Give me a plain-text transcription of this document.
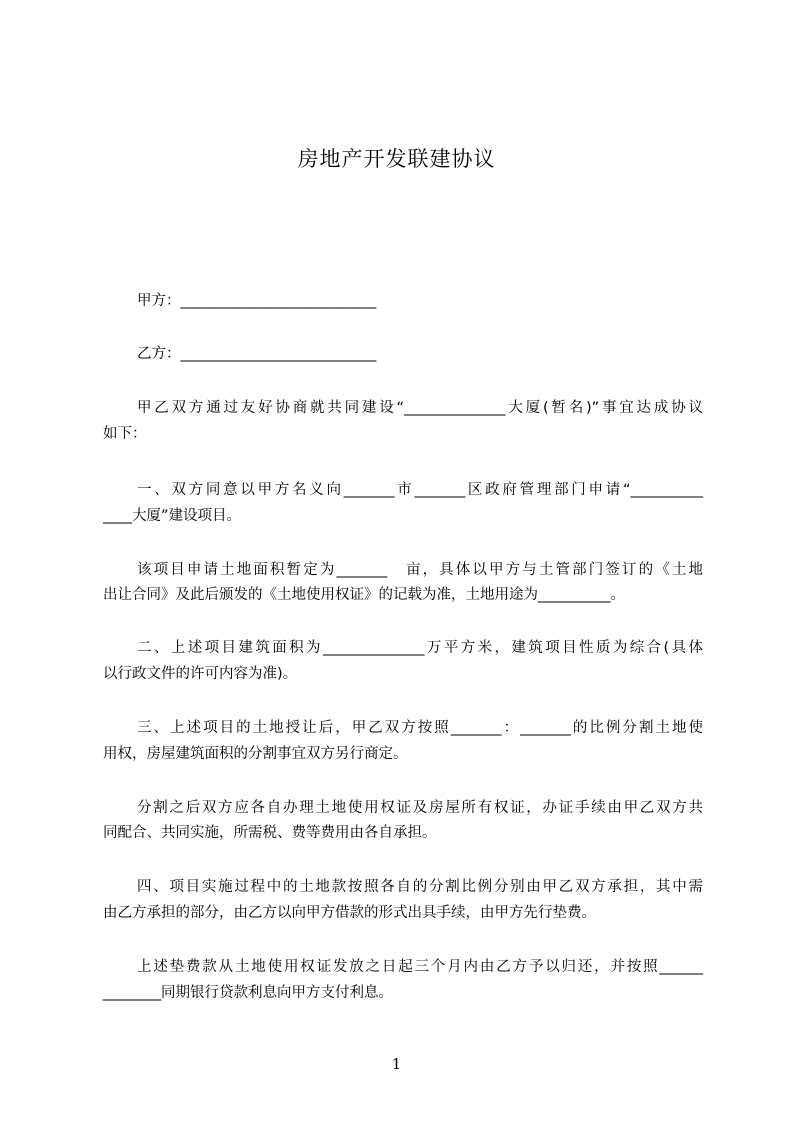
房地产开发联建协议
甲方：___________________________
乙方：___________________________
甲乙双方通过友好协商就共同建设“______________大厦(暂名)”事宜达成协议
如下：
一、双方同意以甲方名义向_______市_______区政府管理部门申请“__________
____大厦”建设项目。
该项目申请土地面积暂定为_______　亩，具体以甲方与土管部门签订的《土地
出让合同》及此后颁发的《土地使用权证》的记载为准，土地用途为__________。
二、上述项目建筑面积为______________万平方米，建筑项目性质为综合(具体
以行政文件的许可内容为准)。
三、上述项目的土地授让后，甲乙双方按照_______：_______的比例分割土地使
用权，房屋建筑面积的分割事宜双方另行商定。
分割之后双方应各自办理土地使用权证及房屋所有权证，办证手续由甲乙双方共
同配合、共同实施，所需税、费等费用由各自承担。
四、项目实施过程中的土地款按照各自的分割比例分别由甲乙双方承担，其中需
由乙方承担的部分，由乙方以向甲方借款的形式出具手续，由甲方先行垫费。
上述垫费款从土地使用权证发放之日起三个月内由乙方予以归还，并按照______
________同期银行贷款利息向甲方支付利息。
1
